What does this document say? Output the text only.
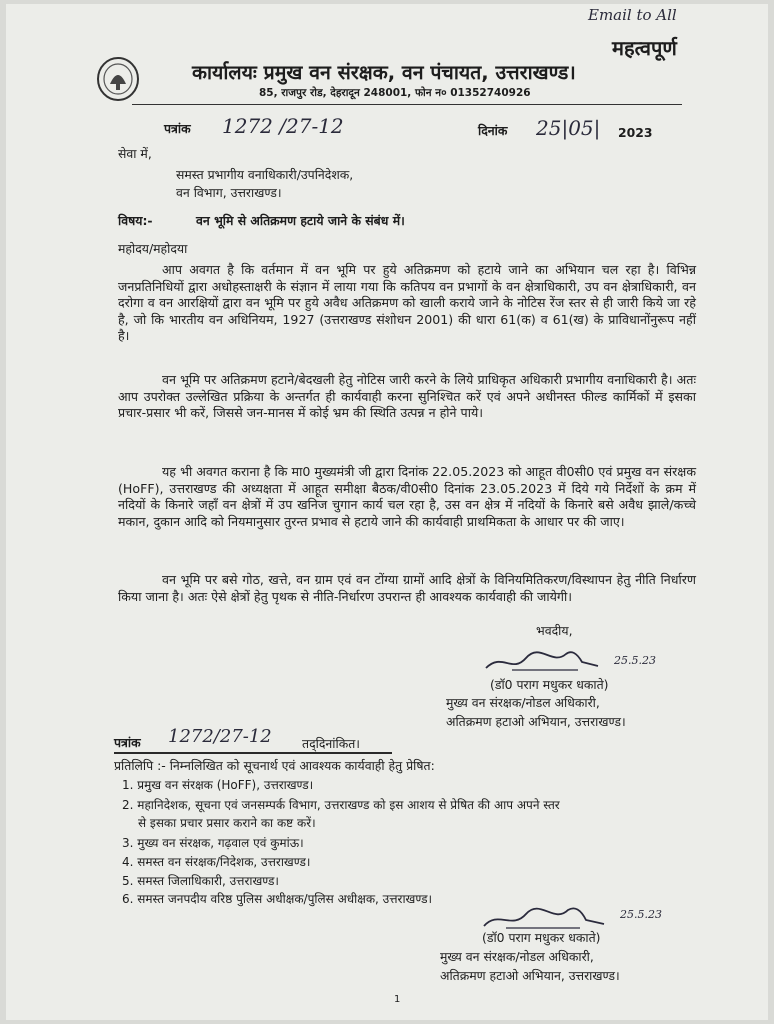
Email to All
महत्वपूर्ण
कार्यालयः प्रमुख वन संरक्षक, वन पंचायत, उत्तराखण्ड।
85, राजपुर रोड, देहरादून 248001, फोन न० 01352740926
पत्रांक 1272 /27-12	दिनांक 25|05| 2023
सेवा में,
समस्त प्रभागीय वनाधिकारी/उपनिदेशक,
वन विभाग, उत्तराखण्ड।
विषय:-	वन भूमि से अतिक्रमण हटाये जाने के संबंध में।
महोदय/महोदया

आप अवगत है कि वर्तमान में वन भूमि पर हुये अतिक्रमण को हटाये जाने का अभियान चल रहा है। विभिन्न जनप्रतिनिधियों द्वारा अधोहस्ताक्षरी के संज्ञान में लाया गया कि कतिपय वन प्रभागों के वन क्षेत्राधिकारी, उप वन क्षेत्राधिकारी, वन दरोगा व वन आरक्षियों द्वारा वन भूमि पर हुये अवैध अतिक्रमण को खाली कराये जाने के नोटिस रेंज स्तर से ही जारी किये जा रहे है, जो कि भारतीय वन अधिनियम, 1927 (उत्तराखण्ड संशोधन 2001) की धारा 61(क) व 61(ख) के प्राविधानोंनुरूप नहीं है।

वन भूमि पर अतिक्रमण हटाने/बेदखली हेतु नोटिस जारी करने के लिये प्राधिकृत अधिकारी प्रभागीय वनाधिकारी है। अतः आप उपरोक्त उल्लेखित प्रक्रिया के अन्तर्गत ही कार्यवाही करना सुनिश्चित करें एवं अपने अधीनस्त फील्ड कार्मिकों में इसका प्रचार-प्रसार भी करें, जिससे जन-मानस में कोई भ्रम की स्थिति उत्पन्न न होने पाये।

यह भी अवगत कराना है कि मा0 मुख्यमंत्री जी द्वारा दिनांक 22.05.2023 को आहूत वी0सी0 एवं प्रमुख वन संरक्षक (HoFF), उत्तराखण्ड की अध्यक्षता में आहूत समीक्षा बैठक/वी0सी0 दिनांक 23.05.2023 में दिये गये निर्देशों के क्रम में नदियों के किनारे जहाँ वन क्षेत्रों में उप खनिज चुगान कार्य चल रहा है, उस वन क्षेत्र में नदियों के किनारे बसे अवैध झाले/कच्चे मकान, दुकान आदि को नियमानुसार तुरन्त प्रभाव से हटाये जाने की कार्यवाही प्राथमिकता के आधार पर की जाए।

वन भूमि पर बसे गोठ, खत्ते, वन ग्राम एवं वन टोंग्या ग्रामों आदि क्षेत्रों के विनियमितिकरण/विस्थापन हेतु नीति निर्धारण किया जाना है। अतः ऐसे क्षेत्रों हेतु पृथक से नीति-निर्धारण उपरान्त ही आवश्यक कार्यवाही की जायेगी।

भवदीय,
25.5.23
(डॉ0 पराग मधुकर धकाते)
मुख्य वन संरक्षक/नोडल अधिकारी,
अतिक्रमण हटाओ अभियान, उत्तराखण्ड।
पत्रांक 1272/27-12 तद्‌दिनांकित।
प्रतिलिपि :- निम्नलिखित को सूचनार्थ एवं आवश्यक कार्यवाही हेतु प्रेषित:
1. प्रमुख वन संरक्षक (HoFF), उत्तराखण्ड।
2. महानिदेशक, सूचना एवं जनसम्पर्क विभाग, उत्तराखण्ड को इस आशय से प्रेषित की आप अपने स्तर
से इसका प्रचार प्रसार कराने का कष्ट करें।
3. मुख्य वन संरक्षक, गढ़वाल एवं कुमांऊ।
4. समस्त वन संरक्षक/निदेशक, उत्तराखण्ड।
5. समस्त जिलाधिकारी, उत्तराखण्ड।
6. समस्त जनपदीय वरिष्ठ पुलिस अधीक्षक/पुलिस अधीक्षक, उत्तराखण्ड।
25.5.23
(डॉ0 पराग मधुकर धकाते)
मुख्य वन संरक्षक/नोडल अधिकारी,
अतिक्रमण हटाओ अभियान, उत्तराखण्ड।
1
